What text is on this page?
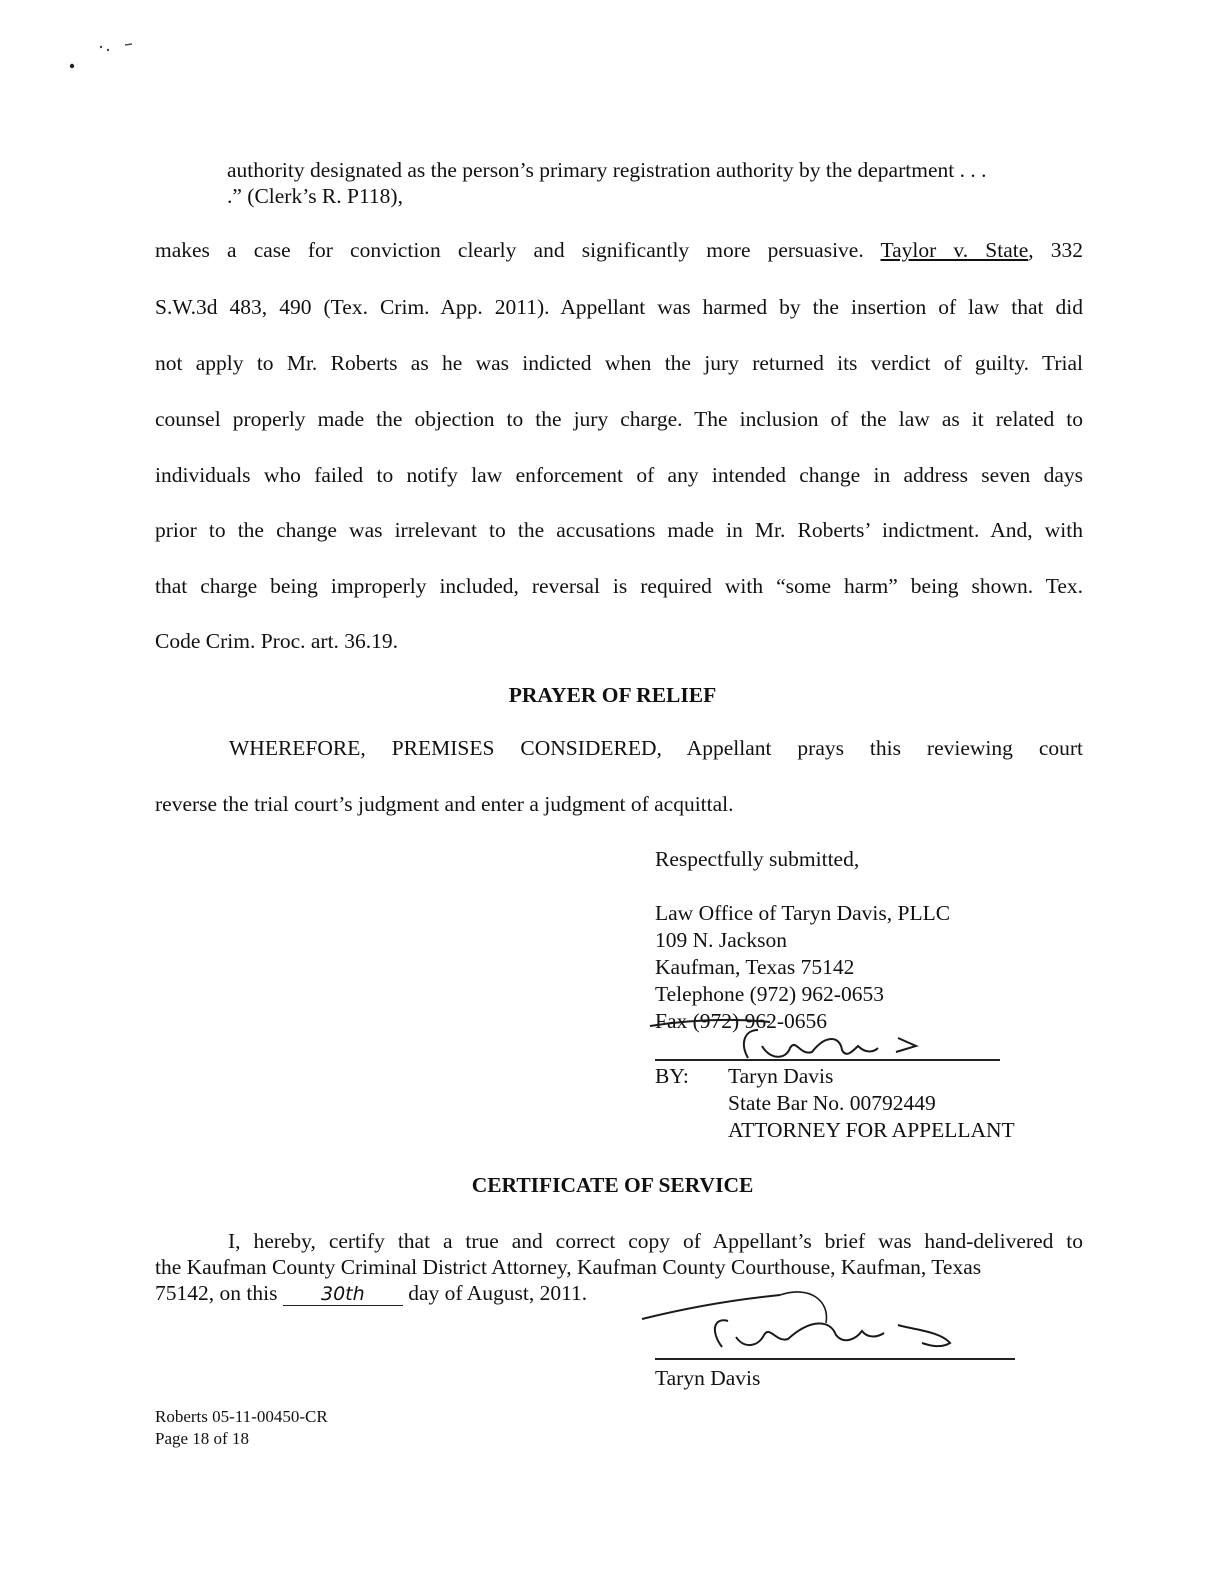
authority designated as the person’s primary registration authority by the department . . .
.” (Clerk’s R. P118),
makes a case for conviction clearly and significantly more persuasive. Taylor v. State, 332
S.W.3d 483, 490 (Tex. Crim. App. 2011). Appellant was harmed by the insertion of law that did
not apply to Mr. Roberts as he was indicted when the jury returned its verdict of guilty. Trial
counsel properly made the objection to the jury charge. The inclusion of the law as it related to
individuals who failed to notify law enforcement of any intended change in address seven days
prior to the change was irrelevant to the accusations made in Mr. Roberts’ indictment. And, with
that charge being improperly included, reversal is required with “some harm” being shown. Tex.
Code Crim. Proc. art. 36.19.
PRAYER OF RELIEF
WHEREFORE, PREMISES CONSIDERED, Appellant prays this reviewing court
reverse the trial court’s judgment and enter a judgment of acquittal.
Respectfully submitted,
Law Office of Taryn Davis, PLLC
109 N. Jackson
Kaufman, Texas 75142
Telephone (972) 962-0653
Fax (972) 962-0656
BY: Taryn Davis
State Bar No. 00792449
ATTORNEY FOR APPELLANT
CERTIFICATE OF SERVICE
I, hereby, certify that a true and correct copy of Appellant’s brief was hand-delivered to
the Kaufman County Criminal District Attorney, Kaufman County Courthouse, Kaufman, Texas
75142, on this 30th day of August, 2011.
Taryn Davis
Roberts 05-11-00450-CR
Page 18 of 18
